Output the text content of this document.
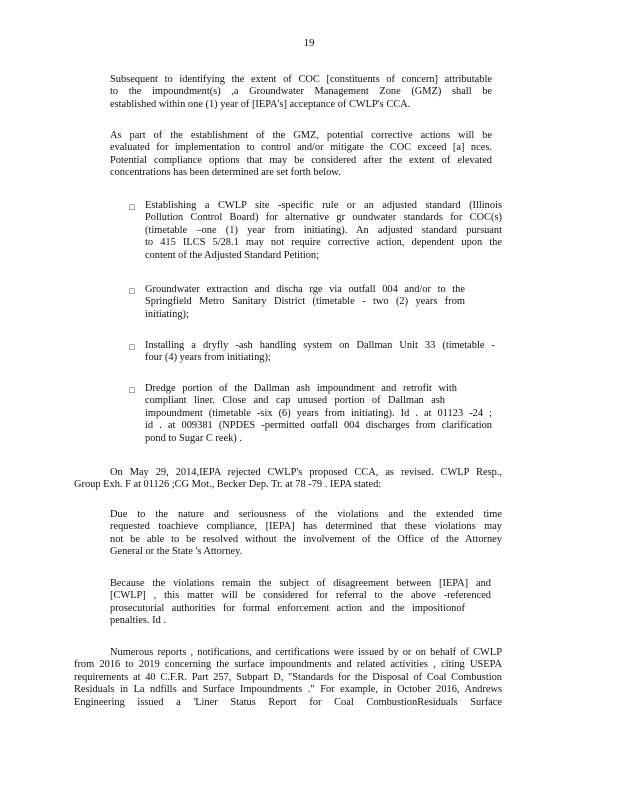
19
Subsequent to identifying the extent of COC [constituents of concern] attributable
to the impoundment(s) ,a Groundwater Management Zone (GMZ) shall be
established within one (1) year of [IEPA's] acceptance of CWLP's CCA.
As part of the establishment of the GMZ, potential corrective actions will be
evaluated for implementation to control and/or mitigate the COC exceed [a] nces.
Potential compliance options that may be considered after the extent of elevated
concentrations has been determined are set forth below.
□ Establishing a CWLP site -specific rule or an adjusted standard (Illinois
Pollution Control Board) for alternative gr oundwater standards for COC(s)
(timetable –one (1) year from initiating). An adjusted standard pursuant
to 415 ILCS 5/28.1 may not require corrective action, dependent upon the
content of the Adjusted Standard Petition;
□ Groundwater extraction and discha rge via outfall 004 and/or to the
Springfield Metro Sanitary District (timetable - two (2) years from
initiating);
□ Installing a dryfly -ash handling system on Dallman Unit 33 (timetable -
four (4) years from initiating);
□ Dredge portion of the Dallman ash impoundment and retrofit with
compliant liner. Close and cap unused portion of Dallman ash
impoundment (timetable -six (6) years from initiating). Id . at 01123 -24 ;
id . at 009381 (NPDES -permitted outfall 004 discharges from clarification
pond to Sugar C reek) .
On May 29, 2014,IEPA rejected CWLP's proposed CCA, as revised. CWLP Resp.,
Group Exh. F at 01126 ;CG Mot., Becker Dep. Tr. at 78 -79 . IEPA stated:
Due to the nature and seriousness of the violations and the extended time
requested toachieve compliance, [IEPA] has determined that these violations may
not be able to be resolved without the involvement of the Office of the Attorney
General or the State 's Attorney.
Because the violations remain the subject of disagreement between [IEPA] and
[CWLP] , this matter will be considered for referral to the above -referenced
prosecutorial authorities for formal enforcement action and the impositionof
penalties. Id .
Numerous reports , notifications, and certifications were issued by or on behalf of CWLP
from 2016 to 2019 concerning the surface impoundments and related activities , citing USEPA
requirements at 40 C.F.R. Part 257, Subpart D, "Standards for the Disposal of Coal Combustion
Residuals in La ndfills and Surface Impoundments ." For example, in October 2016, Andrews
Engineering issued a 'Liner Status Report for Coal CombustionResiduals Surface
